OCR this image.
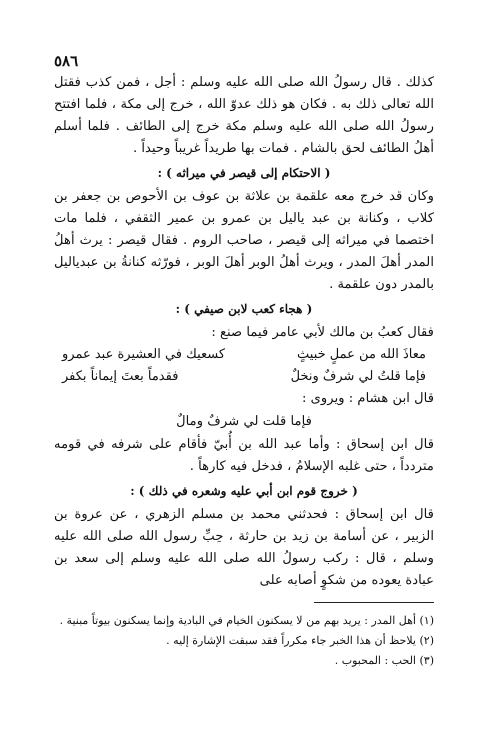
٥٨٦

كذلك . قال رسولُ الله صلى الله عليه وسلم : أجل ، فمن كذب فقتل الله تعالى ذلك به . فكان هو ذلك عدوّ الله ، خرج إلى مكة ، فلما افتتح رسولُ الله صلى الله عليه وسلم مكة خرج إلى الطائف . فلما أسلم أهلُ الطائف لحق بالشام . فمات بها طريداً غريباً وحيداً .

( الاحتكام إلى قيصر في ميراثه ) :

وكان قد خرج معه علقمة بن علاثة بن عوف بن الأحوص بن جعفر بن كلاب ، وكنانة بن عبد ياليل بن عمرو بن عمير الثقفي ، فلما مات اختصما في ميراثه إلى قيصر ، صاحب الروم . فقال قيصر : يرث أهلُ المدر أهلَ المدر ، ويرث أهلُ الوبر أهلَ الوبر ، فورّثه كنانةُ بن عبدياليل بالمدر دون علقمة .

( هجاء كعب لابن صيفي ) :

فقال كعبُ بن مالك لأبي عامر فيما صنع :

معاذَ الله من عملٍ خبيثٍ
كسعيك في العشيرة عبد عمرو
فإما قلتُ لي شرفٌ ونخلٌ
فقدماً بعتَ إيماناً بكفر

قال ابن هشام : ويروى :

فإما قلت لي شرفٌ ومالٌ

قال ابن إسحاق : وأما عبد الله بن أُبيّ فأقام على شرفه في قومه متردداً ، حتى غلبه الإسلامُ ، فدخل فيه كارهاً .

( خروج قوم ابن أبي عليه وشعره في ذلك ) :

قال ابن إسحاق : فحدثني محمد بن مسلم الزهري ، عن عروة بن الزبير ، عن أسامة بن زيد بن حارثة ، حِبِّ رسول الله صلى الله عليه وسلم ، قال : ركب رسولُ الله صلى الله عليه وسلم إلى سعد بن عبادة يعوده من شكوٍ أصابه على

(١) أهل المدر : يريد بهم من لا يسكنون الخيام في البادية وإنما يسكنون بيوتاً مبنية .

(٢) يلاحظ أن هذا الخبر جاء مكرراً فقد سبقت الإشارة إليه .

(٣) الحب : المحبوب .
